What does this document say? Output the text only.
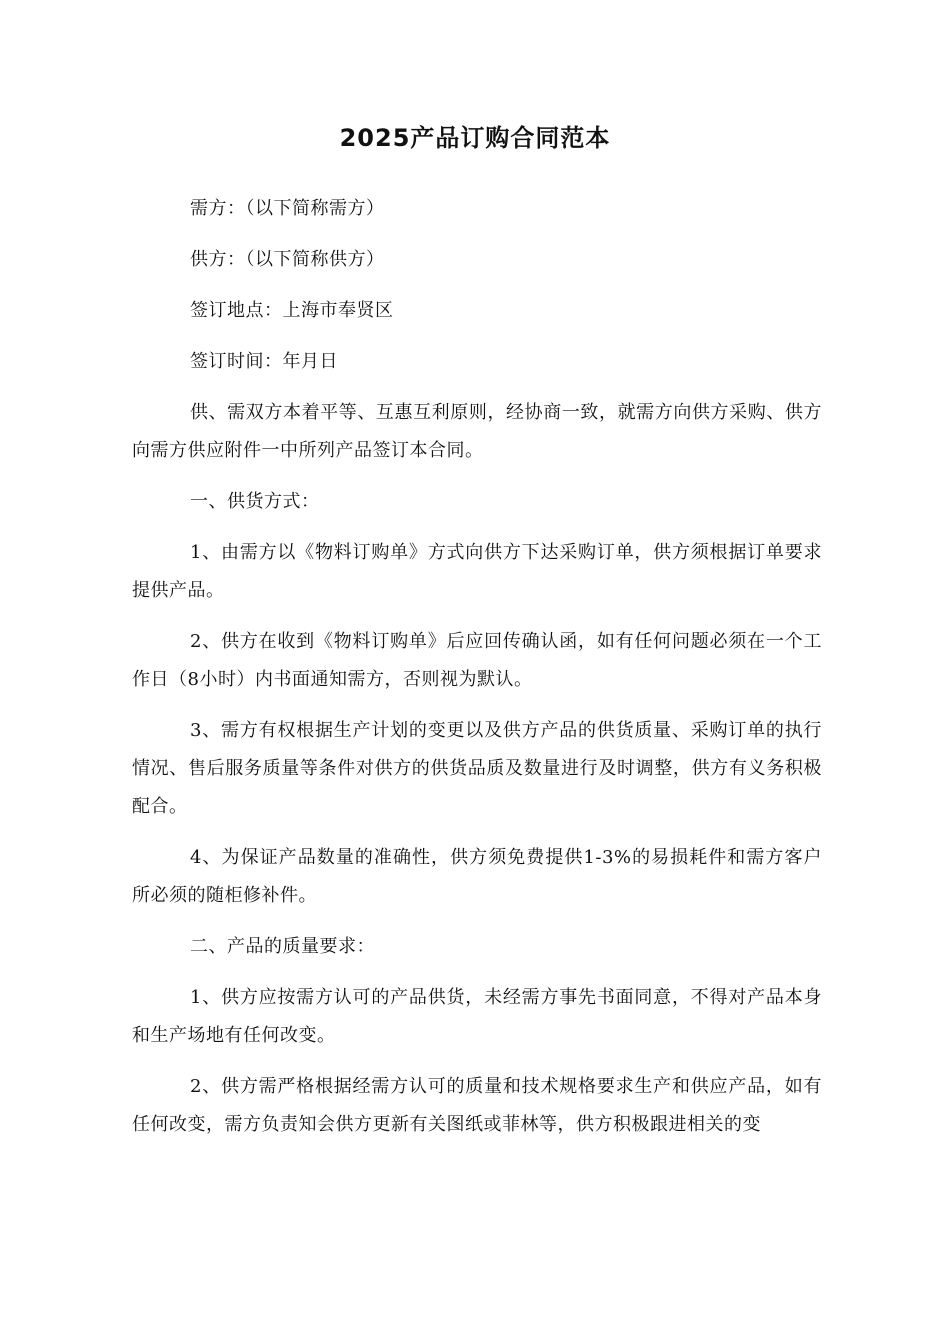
2025产品订购合同范本

需方：（以下简称需方）

供方：（以下简称供方）

签订地点：上海市奉贤区

签订时间：年月日

供、需双方本着平等、互惠互利原则，经协商一致，就需方向供方采购、供方向需方供应附件一中所列产品签订本合同。

一、供货方式：

1、由需方以《物料订购单》方式向供方下达采购订单，供方须根据订单要求提供产品。

2、供方在收到《物料订购单》后应回传确认函，如有任何问题必须在一个工作日（8小时）内书面通知需方，否则视为默认。

3、需方有权根据生产计划的变更以及供方产品的供货质量、采购订单的执行情况、售后服务质量等条件对供方的供货品质及数量进行及时调整，供方有义务积极配合。

4、为保证产品数量的准确性，供方须免费提供1-3%的易损耗件和需方客户所必须的随柜修补件。

二、产品的质量要求：

1、供方应按需方认可的产品供货，未经需方事先书面同意，不得对产品本身和生产场地有任何改变。

2、供方需严格根据经需方认可的质量和技术规格要求生产和供应产品，如有任何改变，需方负责知会供方更新有关图纸或菲林等，供方积极跟进相关的变
